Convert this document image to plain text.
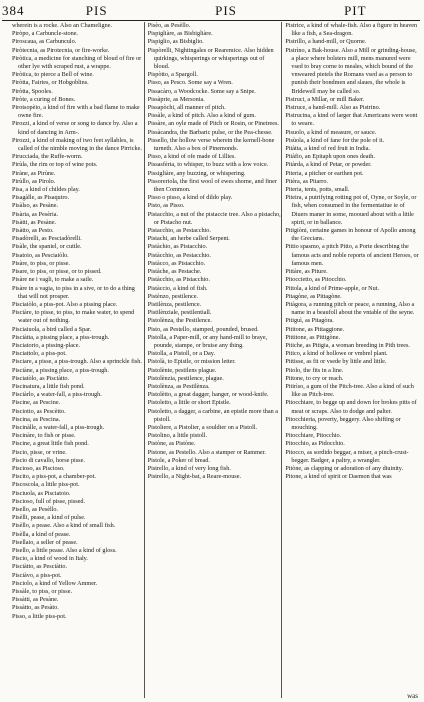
384	PIS	PIS	PIT

wherein is a rocke. Also an Chameligne.

Piròpo, a Carbuncle-stone.

Piroscaua, as Carbunculo.

Piròtecnia, as Pirotecnia, or fire-worke.

Piròtica, a medicine for stanching of bloud of fire or other lye with scraped rust, a wrappe.

Piròtica, to pierce a Bell of wine.

Piròtta, Fairies, or Hobgoblins.

Piròtta, Spooles.

Piròte, a curing of Bones.

Pirotsopèio, a kind of fire with a bad flame to make owne fire.

Pirozzi, a kind of verse or song to dance by. Also a kind of dancing in Arm-.

Pirozzi, a kind of making of two feet syllables, is called of the nimble moving in the dance Pirricke.

Pirucciada, the Ruffe-worm.

Pirùla, the rim or top of wine pots.

Piràne, as Pirùne.

Pirùllo, as Pirolo.

Pisa, a kind of childes play.

Pisagàlle, as Pisaquiro.

Pisàlso, as Pesàne.

Pisària, as Pesèria.

Pisàtti, as Pesàne.

Pisàtto, as Pesto.

Pisadòrelli, as Pesciadòrelli.

Pisàle, the spaniel, or cuttle.

Pisatoio, as Pesciaiòlo.

Pisàre, to piss, or pisse.

Pisare, to piss, or pisse, or to pissed.

Pisàre ne i vagli, to make a saile.

Pisàre in a vagia, to piss in a sive, or to do a thing that will not prosper.

Pisciaiòlo, a piss-pot. Also a pissing place.

Pisciàre, to pisse, to piss, to make water, to spend water out of nothing.

Pisciaiuola, a bird called a Spar.

Pisciàtta, a pissing place, a piss-trough.

Pisciatorio, a pissing-place.

Pisciattolo, a piss-pot.

Pisciare, a pisse, a piss-trough. Also a sprinckle fish.

Pisciàne, a pissing place, a piss-trough.

Pisciatòlo, as Pisciàtto.

Piscinatura, a little fish pond.

Pisciàrlo, a water-fall, a piss-trough.

Piscine, as Pescine.

Pisciotto, as Pescètto.

Piscina, as Pescina.

Piscinàlle, a water-fall, a piss-trough.

Piscinàre, to fish or pisse.

Piscine, a great little fish pond.

Piscio, pisse, or vrine.

Pìscio di cavallo, horse pisse.

Piscioso, as Piscioso.

Piscito, a piss-pot, a chamber-pot.

Piscoscola, a little piss-pot.

Pisciuola, as Pisciatoio.

Piscioso, full of pisse, pissed.

Pisello, as Pesèllo.

Pisèlli, pease, a kind of pulse.

Pisèllo, a pease. Also a kind of small fish.

Pisèlla, a kind of pease.

Pisellaio, a seller of pease.

Pisello, a little pease. Also a kind of gloss.

Piscio, a kind of wood in Italy.

Pisciàtto, as Pesciàtto.

Pisciàvo, a piss-pot.

Pisciolo, a kind of Yellow Ammer.

Pissàle, to piss, or pisse.

Pissàtti, as Pesàne.

Pissàtto, as Pesàto.

Pisso, a little piss-pot.

Pisèo, as Pesèllo.

Pispigliàre, as Bisbigliàre.

Pispiglio, as Bisbiglio.

Pispòrelli, Nightingales or Rearemice. Also hidden quirkings, whisperings or whisperings out of bloud.

Pispòtto, a Spargoll.

Pisso, as Pesco. Some say a Wren.

Pissacàro, a Woodcocke. Some say a Snipe.

Pissàprie, as Mersonia.

Pissapòchi, all manner of pitch.

Pissàle, a kind of pitch. Also a kind of gum.

Pissàre, an oyle made of Pitch or Rosin, or Pinetrees.

Pissàcandra, the Barbaric pulse, or the Pea-chesse.

Pissello, the hollow verse wherein the kernell-bone turneth. Also a box of Pinemonds.

Pisso, a kind of ofe made of Lillies.

Pissasfèria, to whisper, to buzz with a low voice.

Pissigliàre, any buzzing, or whispering.

Pissoreriola, the first wool of ewes shorne, and finer then Common.

Pisso o pisso, a kind of dildo play.

Pisto, as Pisso.

Pistacchio, a nut of the pistaccie tree. Also a pistacho, or Pistacho nut.

Pistacchio, as Pestacchio.

Pistachi, an herbe called Serpent.

Pistàchio, as Pistacchio.

Pistàcchio, as Pestacchio.

Pistàcco, as Pistacchio.

Pistàche, as Pestache.

Pistàcchio, as Pistacchio.

Pistàccio, a kind of fish.

Pistènzo, pestilence.

Pistilènza, pestilence.

Pistilènziale, pestilentiall.

Pistolènza, the Pestilence.

Pisto, as Pestello, stamped, pounded, brused.

Pistolla, a Paper-mill, or any hand-mill to braye, pounde, stampe, or bruise any thing.

Pistolla, a Pistoll, or a Day.

Pistolà, to Epistle, or mission letter.

Pistolènte, pestilens plague.

Pistolènzia, pestilence, plague.

Pistolènza, as Pestilènza.

Pistolètto, a great dagger, hanger, or wood-knife.

Pistoletto, a little or short Epistle.

Pistoletto, a dagger, a carbine, an epistle more than a pistoll.

Pistoliere, a Pistolier, a souldier on a Pistoll.

Pistolino, a little pistoll.

Pistòne, as Pistòne.

Pistone, as Pestello. Also a stamper or Rammer.

Pistole, a Poker of bread.

Pistrello, a kind of very long fish.

Pistrello, a Night-bat, a Reare-mouse.

Pistrice, a kind of whale-fish. Also a figure in heaven like a fish, a Sea-dragon.

Pistrillo, a hand-mill, or Quorne.

Pistrìno, a Bak-house. Also a Mill or grinding-house, a place where bolsters mill, mens manured were vsed to bray corne to meales, which bound of the vnweared pietels the Romans vsed as a person to punish their bondmen and slaues, the whole is Bridewell may be called so.

Pistruci, a Millar, or mill Baker.

Pistruce, a hand-mill. Also as Pistrino.

Pistrucina, a kind of larger that Americans were wont to weare.

Pisuolo, a kind of measure, or sauce.

Pisùola, a kind of fane for the pole of it.

Pitàtta, a kind of red fruit in India.

Pitàfio, an Epitaph upon ones death.

Pitàrda, a kind of Petar, or powder.

Piteria, a pitcher or earthen pot.

Pitèra, as Pitarro.

Piteria, tents, potts, small.

Piteira, a putrifying rotting pot of, Oyne, or Soyle, or fish, when consumed in the fermentatiue ie of Diuers maner in some, mooued about with a little spirit, or in ballance.

Pitigiòni, certaine games in honour of Apollo among the Grecians.

Pittio spasmo, a pitch Pitto, a Porte describing the famous acts and noble reports of ancient Heroes, or famous men.

Pittàre, as Piture.

Pitoccietto, as Pitocchio.

Pittola, a kind of Prime-apple, or Nut.

Pitagòne, as Pittagòne.

Pitàgora, a running pitch or peace, a running, Also a name in a beaufoll about the vntable of the seyne.

Pitiguì, as Pitagòra.

Pititone, as Pittaggione.

Pittitone, as Pittigòne.

Pitiche, as Pitigia, a woman breeding in Pith trees.

Pitico, a kind of hollowe or vmbrel plant.

Pittisse, as fit or vsede by little and little.

Pitolo, the fits in a line.

Pittone, to cry or reach.

Pitirìso, a gum of the Pitch-tree. Also a kind of such like as Pitch-tree.

Pitocchiare, to begge up and down for brokes pitts of meat or scraps. Also to dodge and palter.

Pitocchieria, poverty, beggery. Also shifting or mouching.

Pitocchiare, Pitocchio.

Pitocchio, as Pidocchio.

Pitocco, as sordido beggar, a miser, a pinch-crust-begger. Badger, a paltry, a wrangler.

Pitòne, as clapping or adoration of any diuinity.

Pitone, a kind of spirit or Daemon that was

was
